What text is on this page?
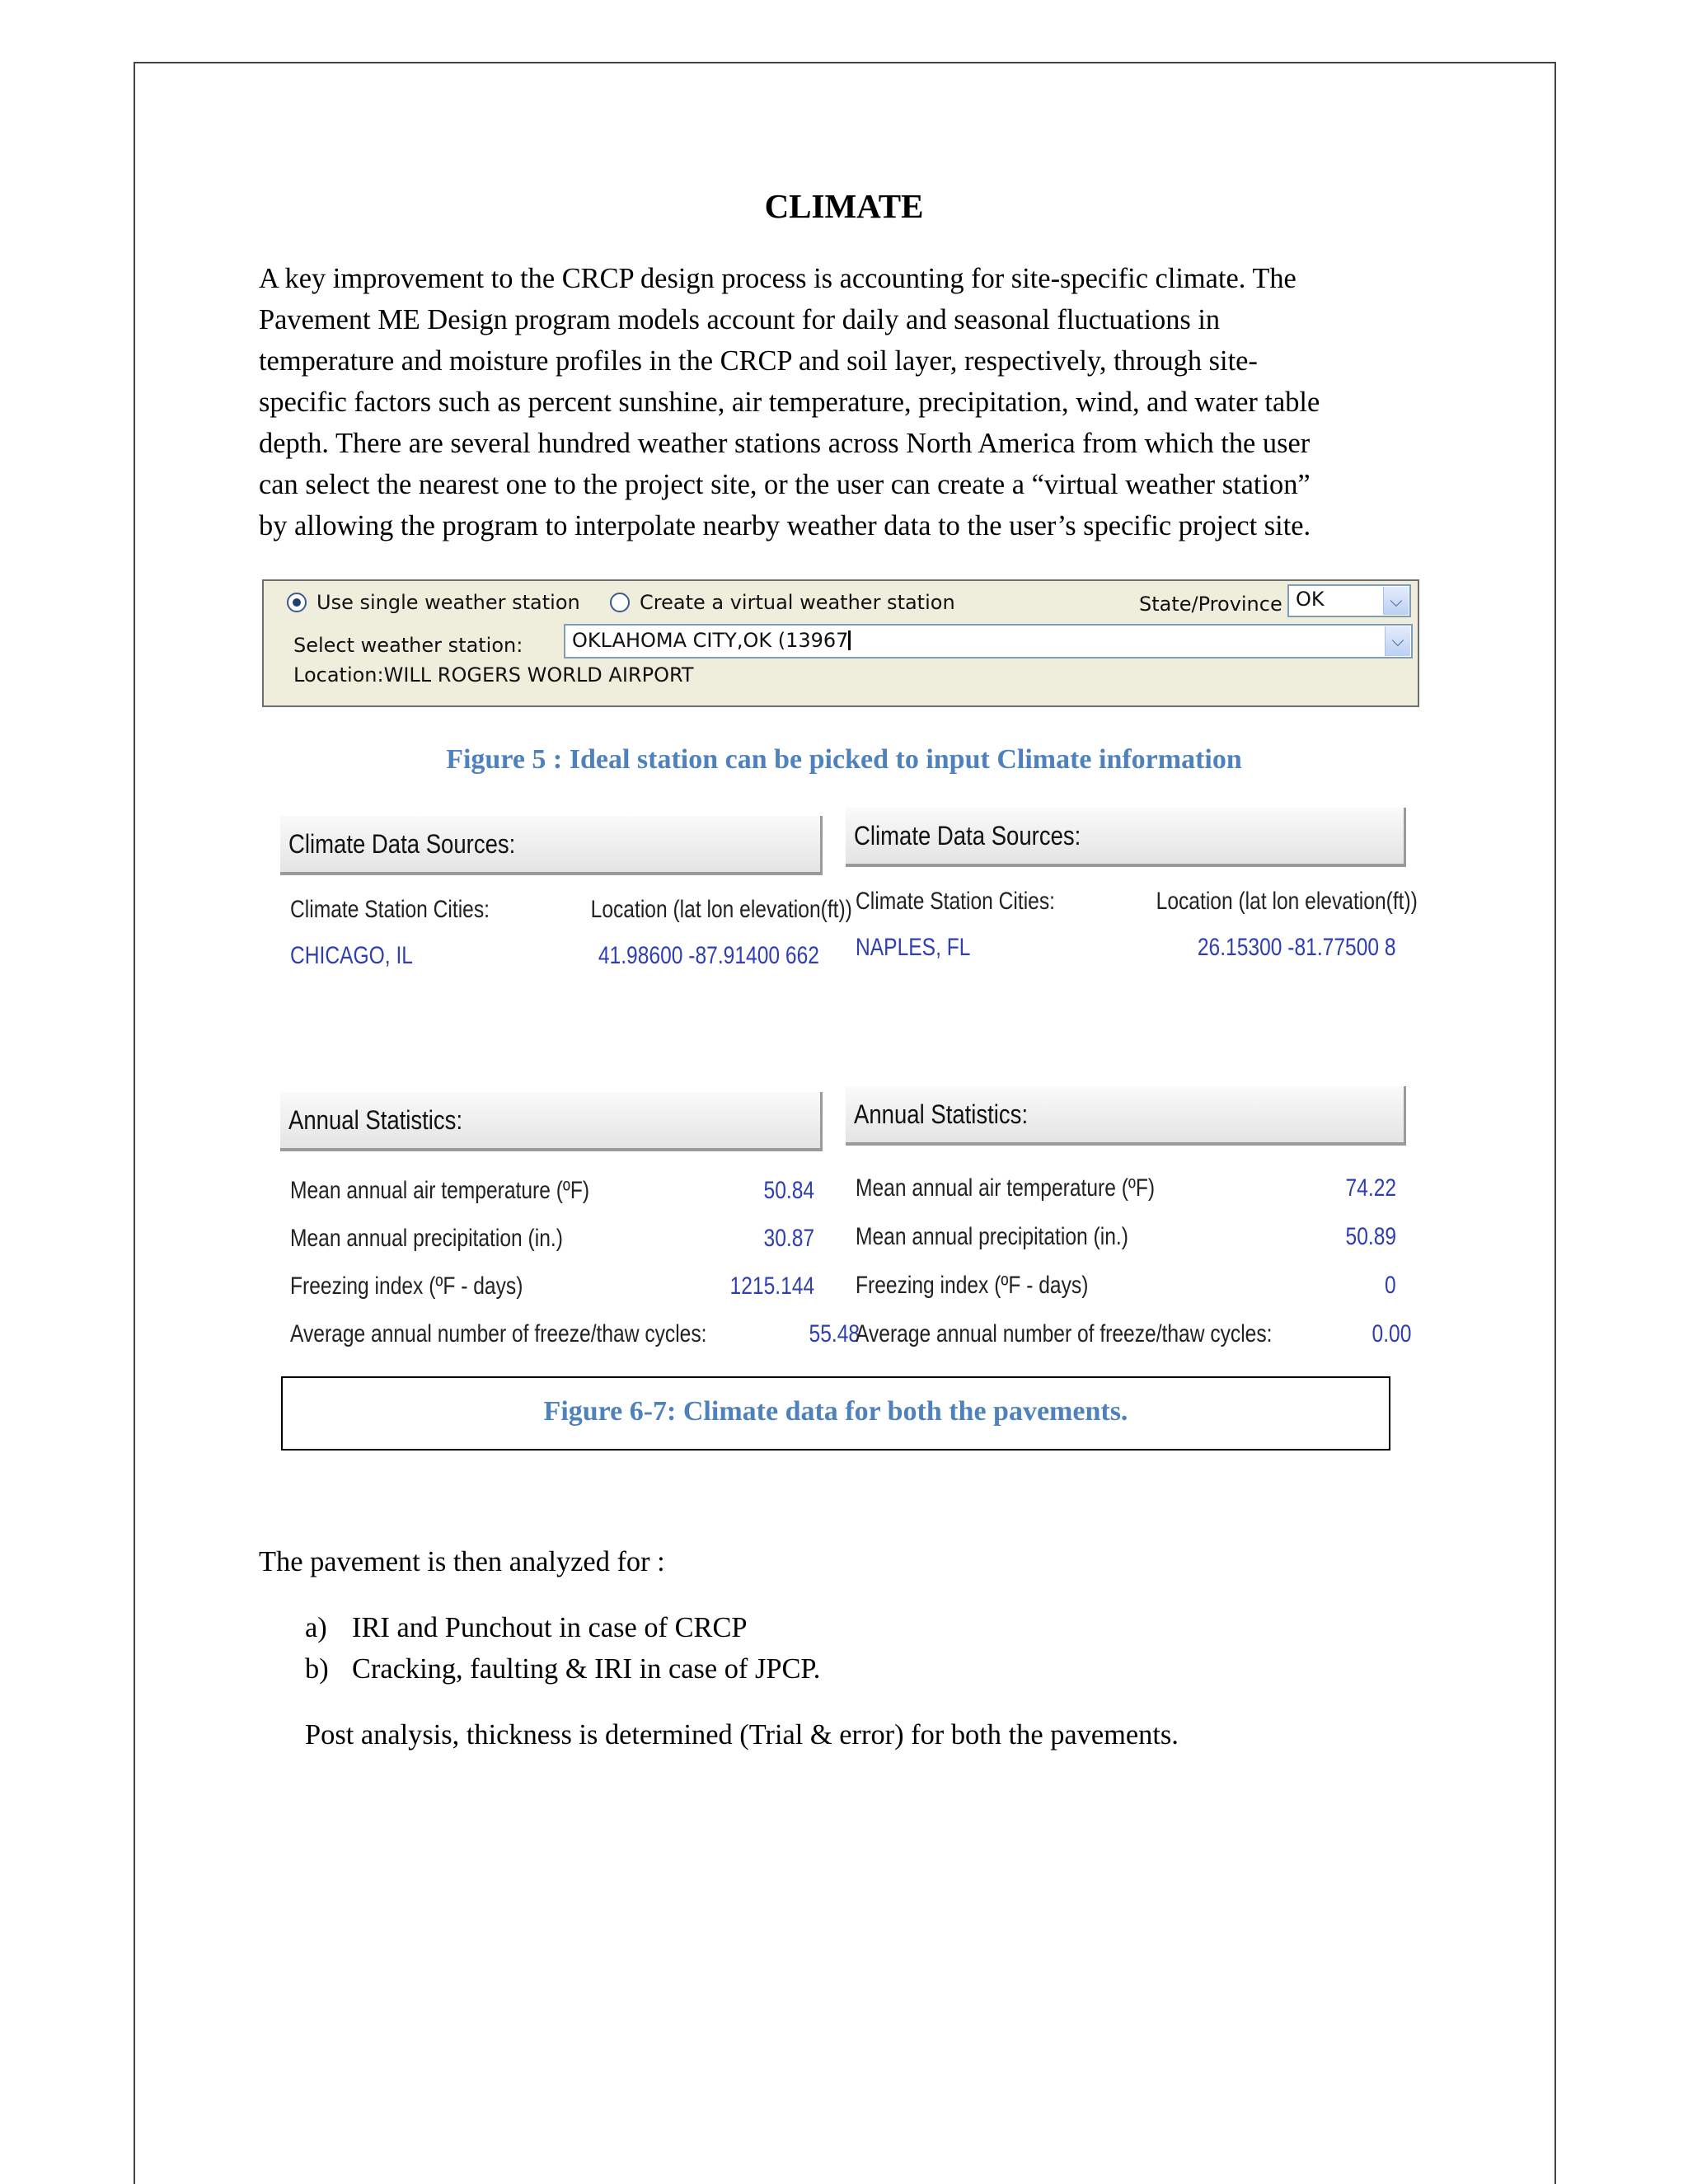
CLIMATE

A key improvement to the CRCP design process is accounting for site-specific climate. The
Pavement ME Design program models account for daily and seasonal fluctuations in
temperature and moisture profiles in the CRCP and soil layer, respectively, through site-
specific factors such as percent sunshine, air temperature, precipitation, wind, and water table
depth. There are several hundred weather stations across North America from which the user
can select the nearest one to the project site, or the user can create a “virtual weather station”
by allowing the program to interpolate nearby weather data to the user’s specific project site.

Use single weather station	Create a virtual weather station	State/Province OK	⌵
Select weather station: OKLAHOMA CITY,OK (13967	⌵
Location:WILL ROGERS WORLD AIRPORT

Figure 5 : Ideal station can be picked to input Climate information

Climate Data Sources:
Climate Station Cities:	Location (lat lon elevation(ft))
CHICAGO, IL	41.98600 -87.91400 662
Annual Statistics:
Mean annual air temperature (ºF)	50.84
Mean annual precipitation (in.)	30.87
Freezing index (ºF - days)	1215.144
Average annual number of freeze/thaw cycles:	55.48
Climate Data Sources:
Climate Station Cities:	Location (lat lon elevation(ft))
NAPLES, FL	26.15300 -81.77500 8
Annual Statistics:
Mean annual air temperature (ºF)	74.22
Mean annual precipitation (in.)	50.89
Freezing index (ºF - days)	0
Average annual number of freeze/thaw cycles:	0.00

Figure 6-7: Climate data for both the pavements.

The pavement is then analyzed for :

a) IRI and Punchout in case of CRCP
b) Cracking, faulting & IRI in case of JPCP.

Post analysis, thickness is determined (Trial & error) for both the pavements.
